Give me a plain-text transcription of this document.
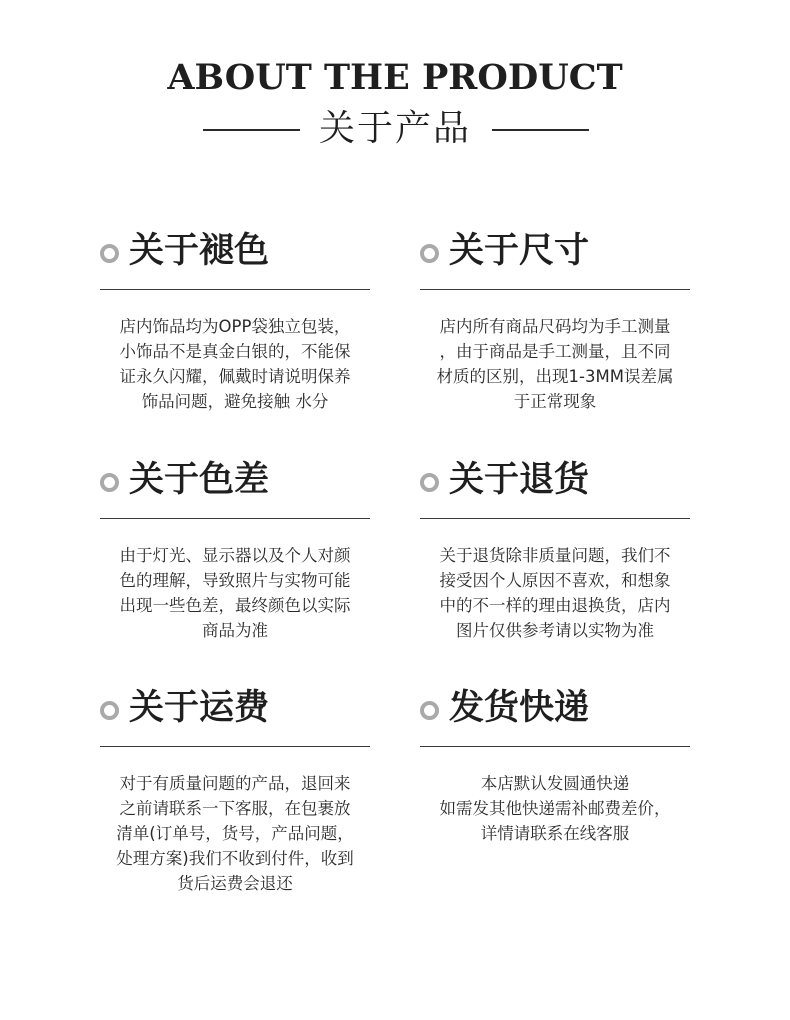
ABOUT THE PRODUCT
关于产品
关于褪色
店内饰品均为OPP袋独立包装，
小饰品不是真金白银的，不能保
证永久闪耀，佩戴时请说明保养
饰品问题，避免接触 水分
关于尺寸
店内所有商品尺码均为手工测量
，由于商品是手工测量，且不同
材质的区别，出现1-3MM误差属
于正常现象
关于色差
由于灯光、显示器以及个人对颜
色的理解，导致照片与实物可能
出现一些色差，最终颜色以实际
商品为准
关于退货
关于退货除非质量问题，我们不
接受因个人原因不喜欢，和想象
中的不一样的理由退换货，店内
图片仅供参考请以实物为准
关于运费
对于有质量问题的产品，退回来
之前请联系一下客服，在包裹放
清单(订单号，货号，产品问题，
处理方案)我们不收到付件，收到
货后运费会退还
发货快递
本店默认发圆通快递
如需发其他快递需补邮费差价，
详情请联系在线客服
